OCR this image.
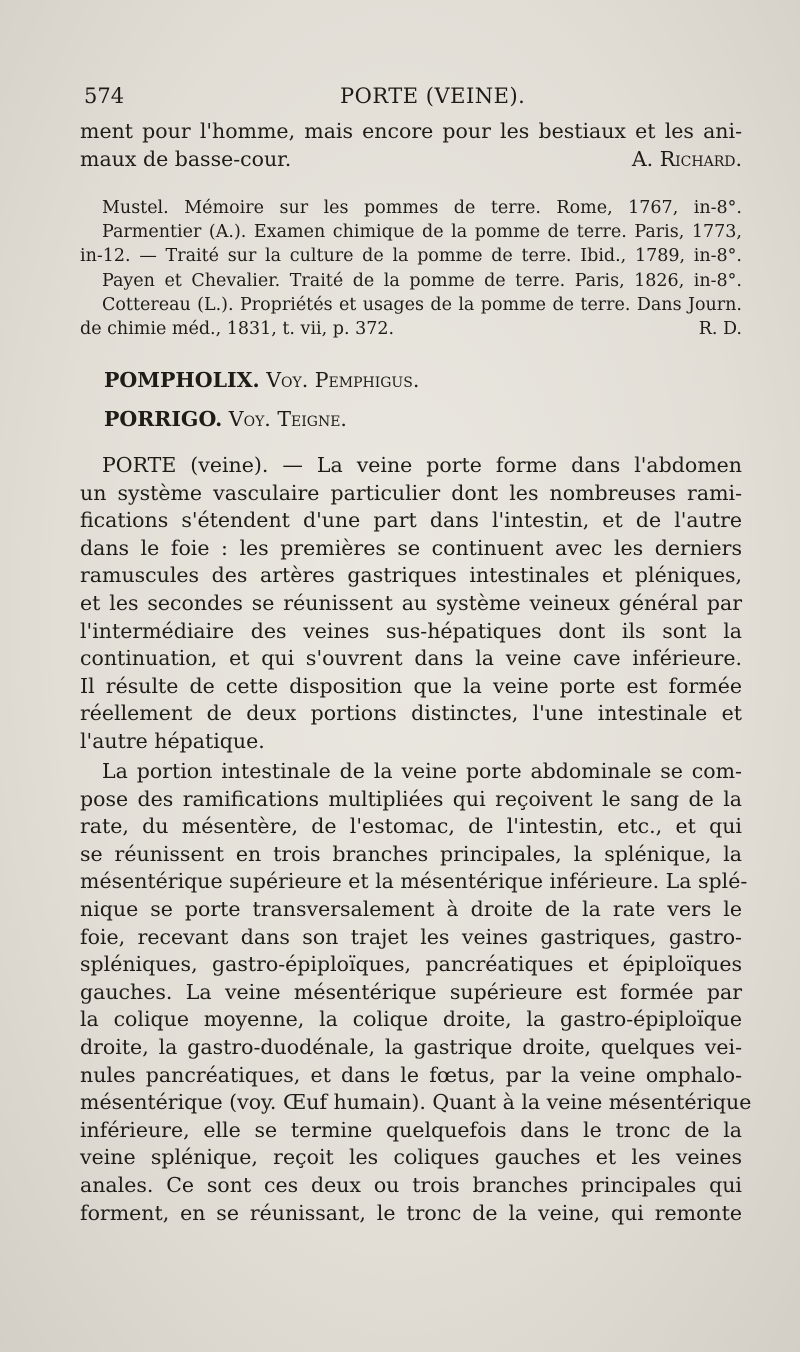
574	PORTE (VEINE).
ment pour l'homme, mais encore pour les bestiaux et les ani-
maux de basse-cour.	A. Richard.
Mustel. Mémoire sur les pommes de terre. Rome, 1767, in-8°.
Parmentier (A.). Examen chimique de la pomme de terre. Paris, 1773,
in-12. — Traité sur la culture de la pomme de terre. Ibid., 1789, in-8°.
Payen et Chevalier. Traité de la pomme de terre. Paris, 1826, in-8°.
Cottereau (L.). Propriétés et usages de la pomme de terre. Dans Journ.
de chimie méd., 1831, t. vii, p. 372.	R. D.
POMPHOLIX. Voy. Pemphigus.
PORRIGO. Voy. Teigne.
PORTE (veine). — La veine porte forme dans l'abdomen
un système vasculaire particulier dont les nombreuses rami-
fications s'étendent d'une part dans l'intestin, et de l'autre
dans le foie : les premières se continuent avec les derniers
ramuscules des artères gastriques intestinales et pléniques,
et les secondes se réunissent au système veineux général par
l'intermédiaire des veines sus-hépatiques dont ils sont la
continuation, et qui s'ouvrent dans la veine cave inférieure.
Il résulte de cette disposition que la veine porte est formée
réellement de deux portions distinctes, l'une intestinale et
l'autre hépatique.
La portion intestinale de la veine porte abdominale se com-
pose des ramifications multipliées qui reçoivent le sang de la
rate, du mésentère, de l'estomac, de l'intestin, etc., et qui
se réunissent en trois branches principales, la splénique, la
mésentérique supérieure et la mésentérique inférieure. La splé-
nique se porte transversalement à droite de la rate vers le
foie, recevant dans son trajet les veines gastriques, gastro-
spléniques, gastro-épiploïques, pancréatiques et épiploïques
gauches. La veine mésentérique supérieure est formée par
la colique moyenne, la colique droite, la gastro-épiploïque
droite, la gastro-duodénale, la gastrique droite, quelques vei-
nules pancréatiques, et dans le fœtus, par la veine omphalo-
mésentérique (voy. Œuf humain). Quant à la veine mésentérique
inférieure, elle se termine quelquefois dans le tronc de la
veine splénique, reçoit les coliques gauches et les veines
anales. Ce sont ces deux ou trois branches principales qui
forment, en se réunissant, le tronc de la veine, qui remonte
